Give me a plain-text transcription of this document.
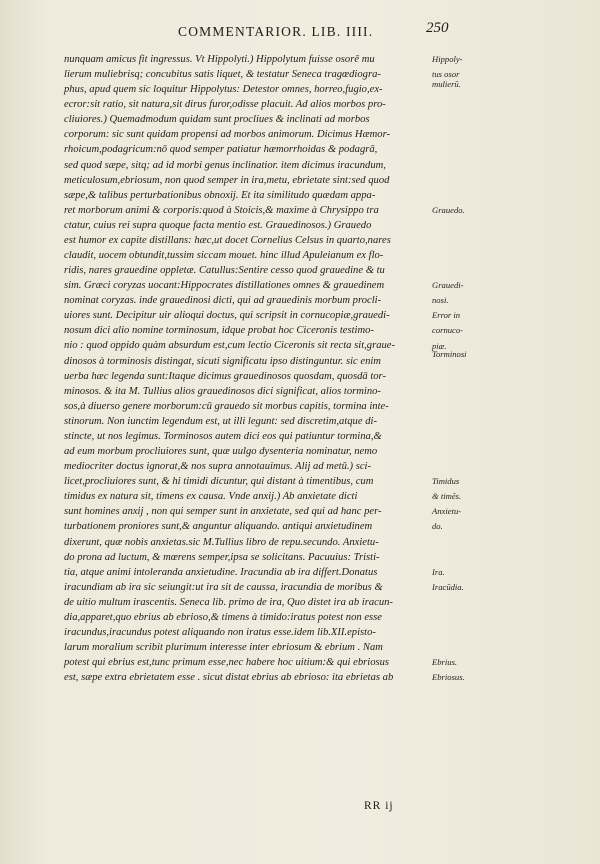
COMMENTARIOR. LIB. IIII.	250
nunquam amicus fit ingressus. Vt Hippolyti.) Hippolytum fuisse osorē mu
lierum muliebrisq; concubitus satis liquet, & testatur Seneca tragœdiogra-
phus, apud quem sic loquitur Hippolytus: Detestor omnes, horreo,fugio,ex-
ecror:sit ratio, sit natura,sit dirus furor,odisse placuit. Ad alios morbos pro-
cliuiores.) Quemadmodum quidam sunt procliues & inclinati ad morbos
corporum: sic sunt quidam propensi ad morbos animorum. Dicimus Hæmor-
rhoicum,podagricum:nō quod semper patiatur hæmorrhoidas & podagrā,
sed quod sæpe, sitq; ad id morbi genus inclinatior. item dicimus iracundum,
meticulosum,ebriosum, non quod semper in ira,metu, ebrietate sint:sed quod
sæpe,& talibus perturbationibus obnoxij. Et ita similitudo quædam appa-
ret morborum animi & corporis:quod à Stoicis,& maxime à Chrysippo tra
ctatur, cuius rei supra quoque facta mentio est. Grauedinosos.) Grauedo
est humor ex capite distillans: hæc,ut docet Cornelius Celsus in quarto,nares
claudit, uocem obtundit,tussim siccam mouet. hinc illud Apuleianum ex flo-
ridis, nares grauedine oppletæ. Catullus:Sentire cesso quod grauedine & tu
sim. Græci coryzas uocant:Hippocrates distillationes omnes & grauedinem
nominat coryzas. inde grauedinosi dicti, qui ad grauedinis morbum procli-
uiores sunt. Decipitur uir alioqui doctus, qui scripsit in cornucopiæ,grauedi-
nosum dici alio nomine torminosum, idque probat hoc Ciceronis testimo-
nio : quod oppido quàm absurdum est,cum lectio Ciceronis sit recta sit,graue-
dinosos à torminosis distingat, sicuti significatu ipso distinguntur. sic enim
uerba hæc legenda sunt:Itaque dicimus grauedinosos quosdam, quosdā tor-
minosos. & ita M. Tullius alios grauedinosos dici significat, alios tormino-
sos,à diuerso genere morborum:cū grauedo sit morbus capitis, tormina inte-
stinorum. Non iunctim legendum est, ut illi legunt: sed discretim,atque di-
stincte, ut nos legimus. Torminosos autem dici eos qui patiuntur tormina,&
ad eum morbum procliuiores sunt, quæ uulgo dysenteria nominatur, nemo
mediocriter doctus ignorat,& nos supra annotauimus. Alij ad metū.) sci-
licet,procliuiores sunt, & hi timidi dicuntur, qui distant à timentibus, cum
timidus ex natura sit, timens ex causa. Vnde anxij.) Ab anxietate dicti
sunt homines anxij , non qui semper sunt in anxietate, sed qui ad hanc per-
turbationem proniores sunt,& anguntur aliquando. antiqui anxietudinem
dixerunt, quæ nobis anxietas.sic M.Tullius libro de repu.secundo. Anxietu-
do prona ad luctum, & mœrens semper,ipsa se solicitans. Pacuuius: Tristi-
tia, atque animi intoleranda anxietudine. Iracundia ab ira differt.Donatus
iracundiam ab ira sic seiungit:ut ira sit de caussa, iracundia de moribus &
de uitio multum irascentis. Seneca lib. primo de ira, Quo distet ira ab iracun-
dia,apparet,quo ebrius ab ebrioso,& timens à timido:iratus potest non esse
iracundus,iracundus potest aliquando non iratus esse.idem lib.XII.episto-
larum moralium scribit plurimum interesse inter ebriosum & ebrium . Nam
potest qui ebrius est,tunc primum esse,nec habere hoc uitium:& qui ebriosus
est, sæpe extra ebrietatem esse . sicut distat ebrius ab ebrioso: ita ebrietas ab
Hippoly-
tus osor
mulierū.
Grauedo.
Grauedi-
nosi.
Error in
cornuco-
piæ.
Torminosi
Timidus
& timēs.
Anxietu-
do.
Ira.
Iracūdia.
Ebrius.
Ebriosus.
RR ij
